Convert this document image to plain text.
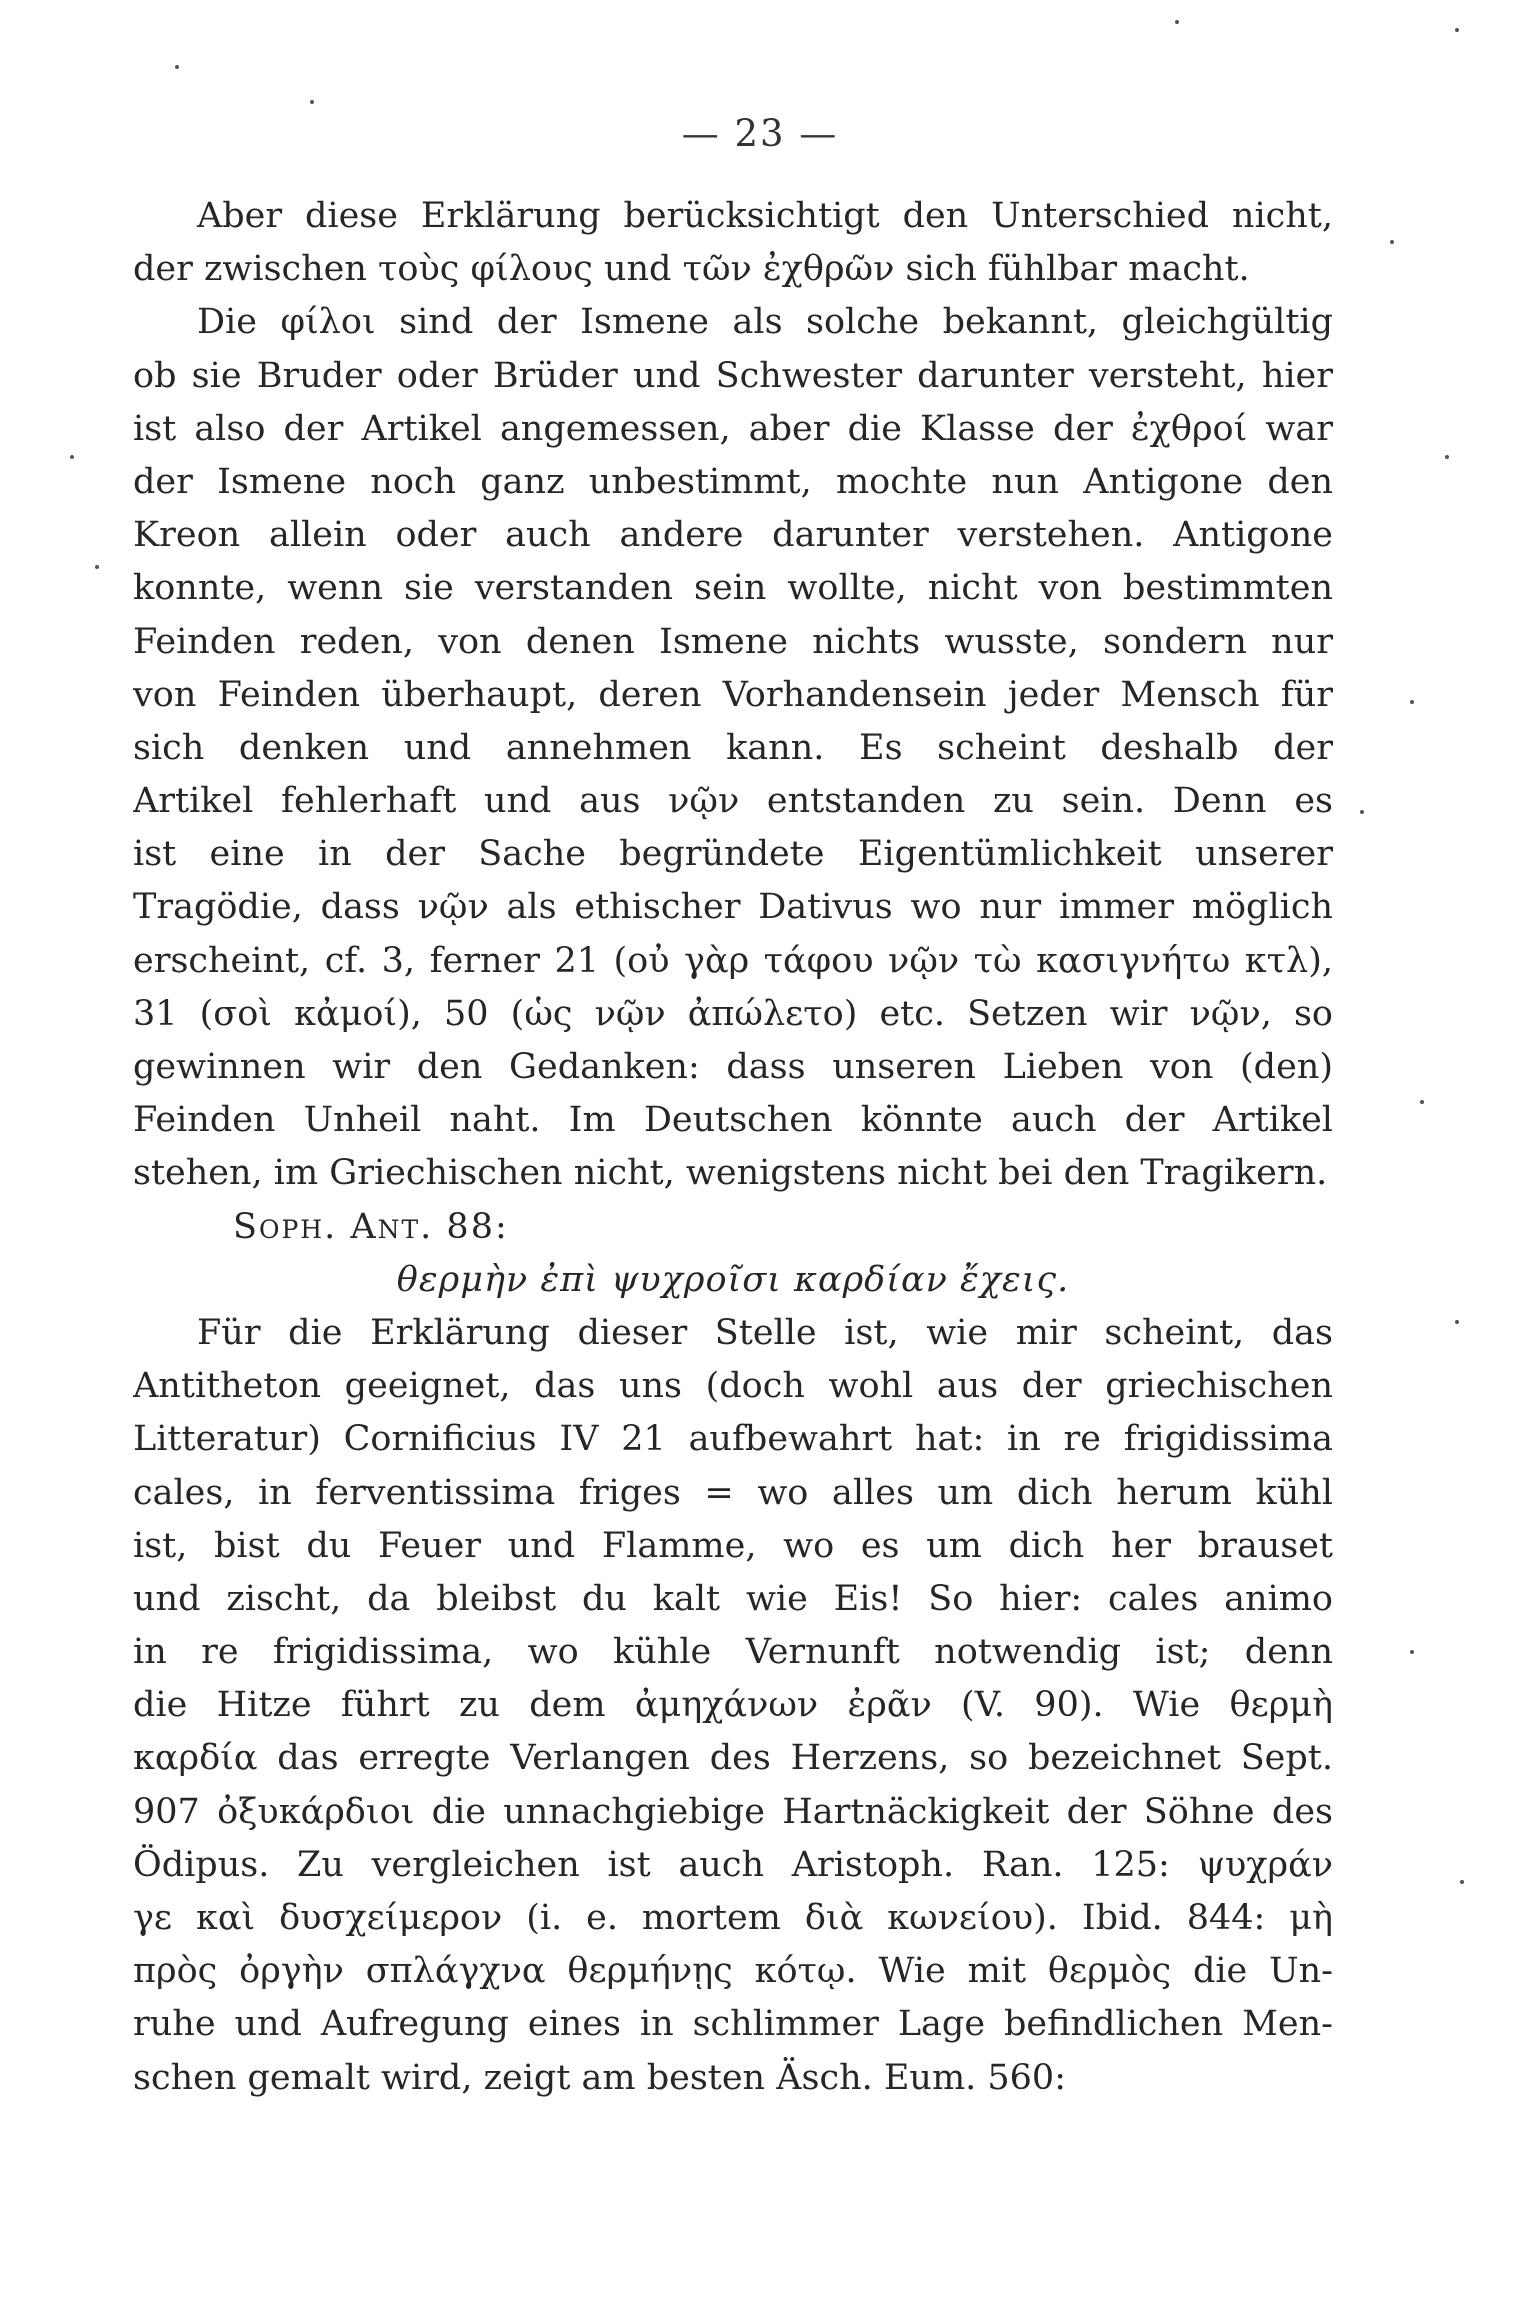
— 23 —
Aber diese Erklärung berücksichtigt den Unterschied nicht,
der zwischen τοὺς φίλους und τῶν ἐχθρῶν sich fühlbar macht.
Die φίλοι sind der Ismene als solche bekannt, gleichgültig
ob sie Bruder oder Brüder und Schwester darunter versteht, hier
ist also der Artikel angemessen, aber die Klasse der ἐχθροί war
der Ismene noch ganz unbestimmt, mochte nun Antigone den
Kreon allein oder auch andere darunter verstehen. Antigone
konnte, wenn sie verstanden sein wollte, nicht von bestimmten
Feinden reden, von denen Ismene nichts wusste, sondern nur
von Feinden überhaupt, deren Vorhandensein jeder Mensch für
sich denken und annehmen kann. Es scheint deshalb der
Artikel fehlerhaft und aus νῷν entstanden zu sein. Denn es
ist eine in der Sache begründete Eigentümlichkeit unserer
Tragödie, dass νῷν als ethischer Dativus wo nur immer möglich
erscheint, cf. 3, ferner 21 (οὐ γὰρ τάφου νῷν τὼ κασιγνήτω κτλ),
31 (σοὶ κἀμοί), 50 (ὡς νῷν ἀπώλετο) etc. Setzen wir νῷν, so
gewinnen wir den Gedanken: dass unseren Lieben von (den)
Feinden Unheil naht. Im Deutschen könnte auch der Artikel
stehen, im Griechischen nicht, wenigstens nicht bei den Tragikern.
Soph. Ant. 88:
θερμὴν ἐπὶ ψυχροῖσι καρδίαν ἔχεις.
Für die Erklärung dieser Stelle ist, wie mir scheint, das
Antitheton geeignet, das uns (doch wohl aus der griechischen
Litteratur) Cornificius IV 21 aufbewahrt hat: in re frigidissima
cales, in ferventissima friges = wo alles um dich herum kühl
ist, bist du Feuer und Flamme, wo es um dich her brauset
und zischt, da bleibst du kalt wie Eis! So hier: cales animo
in re frigidissima, wo kühle Vernunft notwendig ist; denn
die Hitze führt zu dem ἀμηχάνων ἐρᾶν (V. 90). Wie θερμὴ
καρδία das erregte Verlangen des Herzens, so bezeichnet Sept.
907 ὀξυκάρδιοι die unnachgiebige Hartnäckigkeit der Söhne des
Ödipus. Zu vergleichen ist auch Aristoph. Ran. 125: ψυχράν
γε καὶ δυσχείμερον (i. e. mortem διὰ κωνείου). Ibid. 844: μὴ
πρὸς ὀργὴν σπλάγχνα θερμήνῃς κότῳ. Wie mit θερμὸς die Un-
ruhe und Aufregung eines in schlimmer Lage befindlichen Men-
schen gemalt wird, zeigt am besten Äsch. Eum. 560:
